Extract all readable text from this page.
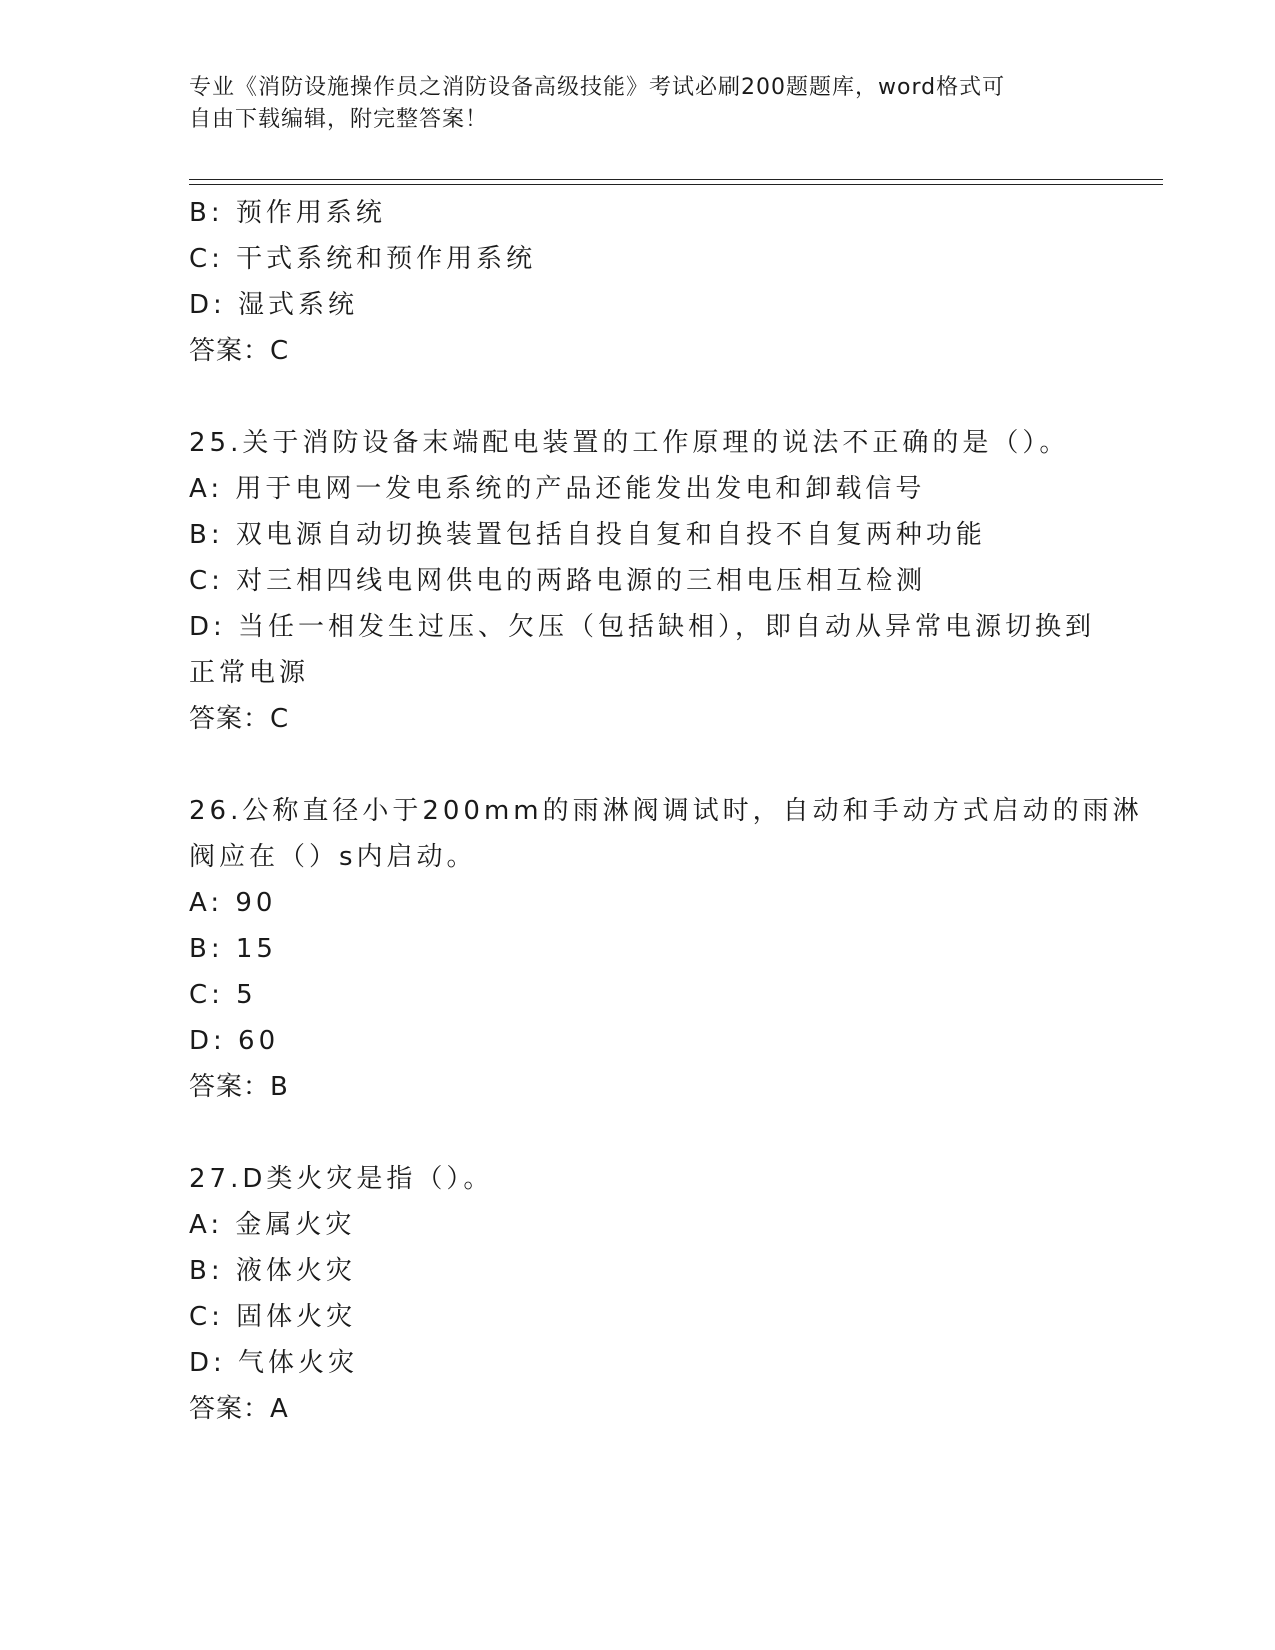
专业《消防设施操作员之消防设备高级技能》考试必刷200题题库，word格式可
自由下载编辑，附完整答案！
B: 预作用系统
C: 干式系统和预作用系统
D: 湿式系统
答案：C
25.关于消防设备末端配电装置的工作原理的说法不正确的是（）。
A: 用于电网一发电系统的产品还能发出发电和卸载信号
B: 双电源自动切换装置包括自投自复和自投不自复两种功能
C: 对三相四线电网供电的两路电源的三相电压相互检测
D: 当任一相发生过压、欠压（包括缺相），即自动从异常电源切换到
正常电源
答案：C
26.公称直径小于200mm的雨淋阀调试时，自动和手动方式启动的雨淋
阀应在（）s内启动。
A: 90
B: 15
C: 5
D: 60
答案：B
27.D类火灾是指（）。
A: 金属火灾
B: 液体火灾
C: 固体火灾
D: 气体火灾
答案：A
